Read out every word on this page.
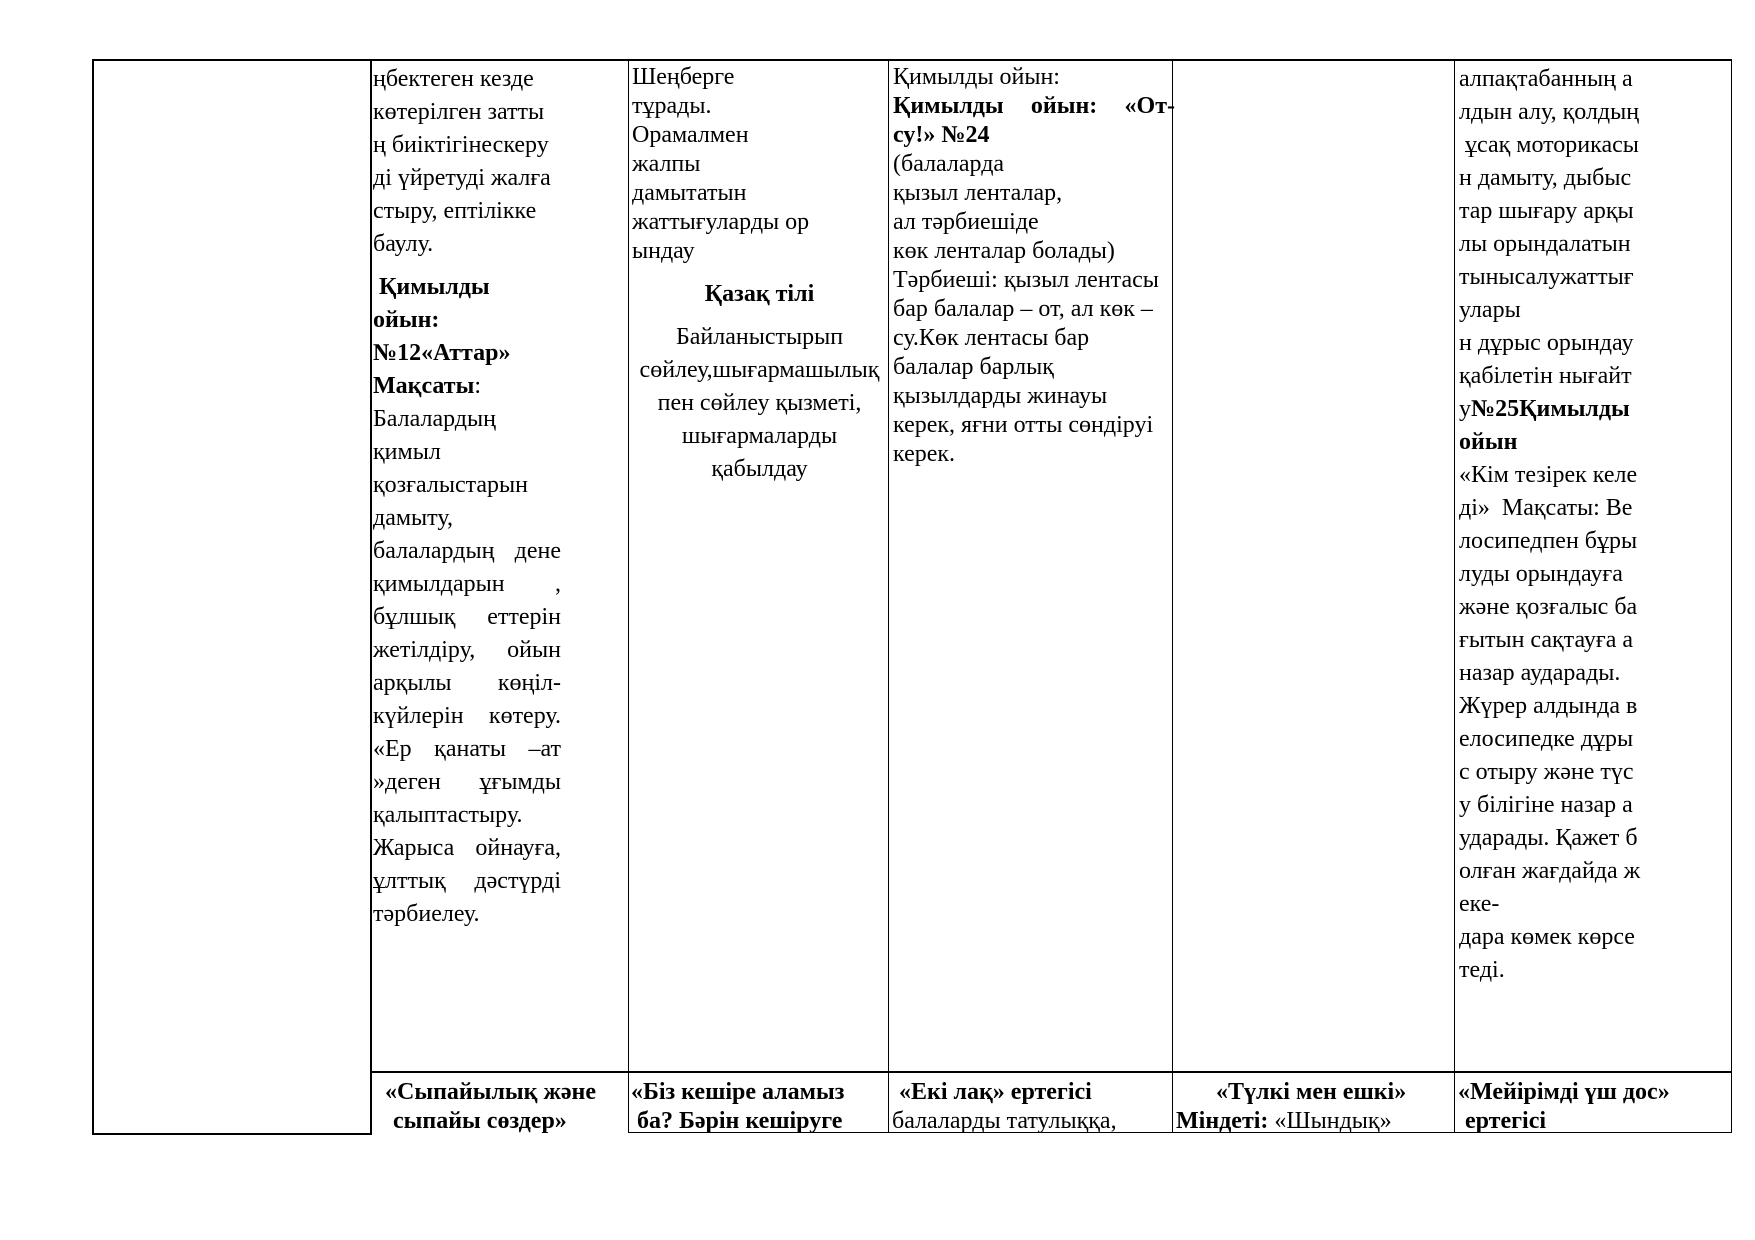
ңбектеген кезде

көтерілген затты

ң биіктігінескеру

ді үйретуді жалға

стыру, ептілікке

баулу.

Қимылды

ойын:

№12«Аттар»

Мақсаты:

Балалардың

қимыл

қозғалыстарын

дамыту,

балалардың дене

қимылдарын ,

бұлшық еттерін

жетілдіру, ойын

арқылы көңіл-

күйлерін көтеру.

«Ер қанаты –ат

»деген ұғымды

қалыптастыру.

Жарыса ойнауға,

ұлттық дәстүрді

тәрбиелеу.

Шеңберге

тұрады.

Орамалмен

жалпы

дамытатын

жаттығуларды ор

ындау

Қазақ тілі

Байланыстырып

сөйлеу,шығармашылық

пен сөйлеу қызметі,

шығармаларды

қабылдау

Қимылды ойын:

Қимылды ойын: «От-

су!» №24

(балаларда

қызыл ленталар,

ал тәрбиешіде

көк ленталар болады)

Тәрбиеші: қызыл лентасы

бар балалар – от, ал көк –

су.Көк лентасы бар

балалар барлық

қызылдарды жинауы

керек, яғни отты сөндіруі

керек.

алпақтабанның а

лдын алу, қолдың

ұсақ моторикасы

н дамыту, дыбыс

тар шығару арқы

лы орындалатын

тынысалужаттығ

улары

н дұрыс орындау

қабілетін нығайт

у№25Қимылды

ойын

«Кім тезірек келе

ді»  Мақсаты: Ве

лосипедпен бұры

луды орындауға

және қозғалыс ба

ғытын сақтауға а

назар аударады.

Жүрер алдында в

елосипедке дұры

с отыру және түс

у білігіне назар а

ударады. Қажет б

олған жағдайда ж

еке-

дара көмек көрсе

теді.

«Сыпайылық және

сыпайы сөздер»

«Біз кешіре аламыз

ба? Бәрін кешіруге

«Екі лақ» ертегісі

балаларды татулыққа,

«Түлкі мен ешкі»

Міндеті: «Шындық»

«Мейірімді үш дос»

ертегісі
